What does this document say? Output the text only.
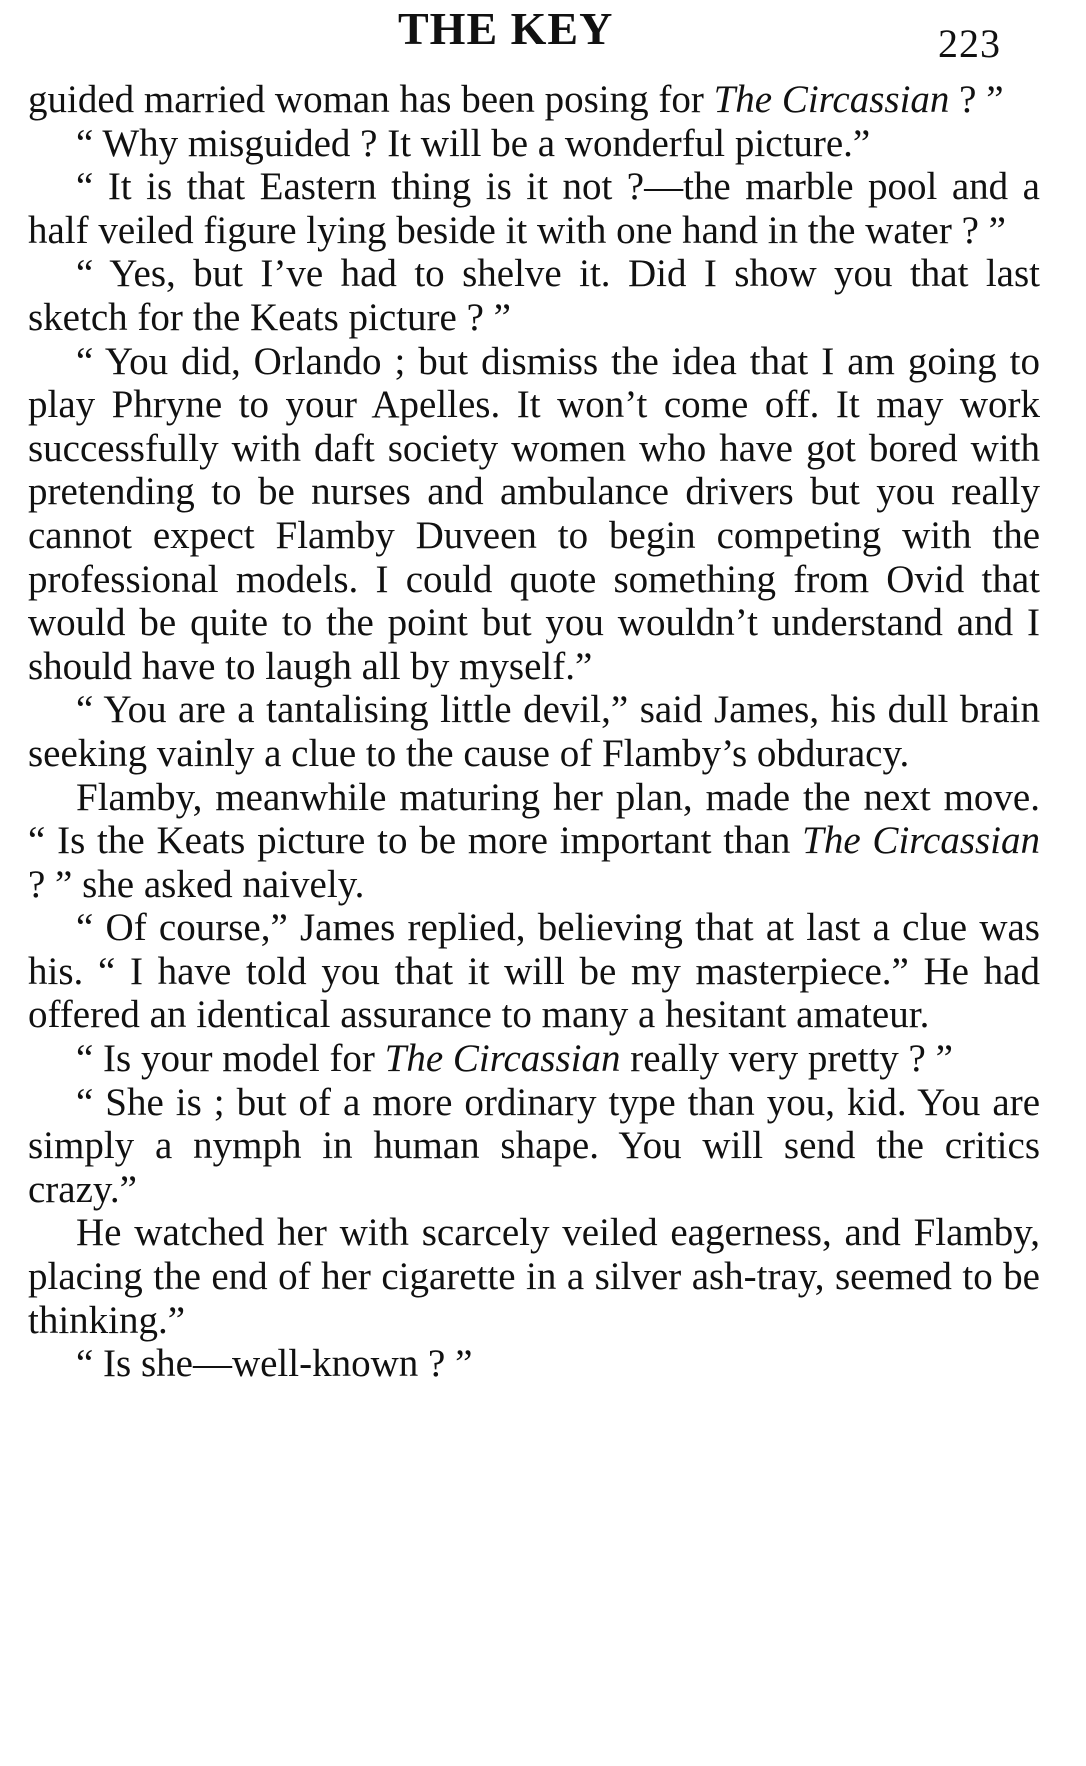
THE KEY	223

guided married woman has been posing for The Circassian ? ”

“ Why misguided ? It will be a wonderful picture.”

“ It is that Eastern thing is it not ?—the marble pool and a half veiled figure lying beside it with one hand in the water ? ”

“ Yes, but I’ve had to shelve it. Did I show you that last sketch for the Keats picture ? ”

“ You did, Orlando ; but dismiss the idea that I am going to play Phryne to your Apelles. It won’t come off. It may work successfully with daft society women who have got bored with pretending to be nurses and ambulance drivers but you really cannot expect Flamby Duveen to begin competing with the professional models. I could quote something from Ovid that would be quite to the point but you wouldn’t understand and I should have to laugh all by myself.”

“ You are a tantalising little devil,” said James, his dull brain seeking vainly a clue to the cause of Flamby’s obduracy.

Flamby, meanwhile maturing her plan, made the next move. “ Is the Keats picture to be more important than The Circassian ? ” she asked naively.

“ Of course,” James replied, believing that at last a clue was his. “ I have told you that it will be my masterpiece.” He had offered an identical assurance to many a hesitant amateur.

“ Is your model for The Circassian really very pretty ? ”

“ She is ; but of a more ordinary type than you, kid. You are simply a nymph in human shape. You will send the critics crazy.”

He watched her with scarcely veiled eagerness, and Flamby, placing the end of her cigarette in a silver ash-tray, seemed to be thinking.”

“ Is she—well-known ? ”
